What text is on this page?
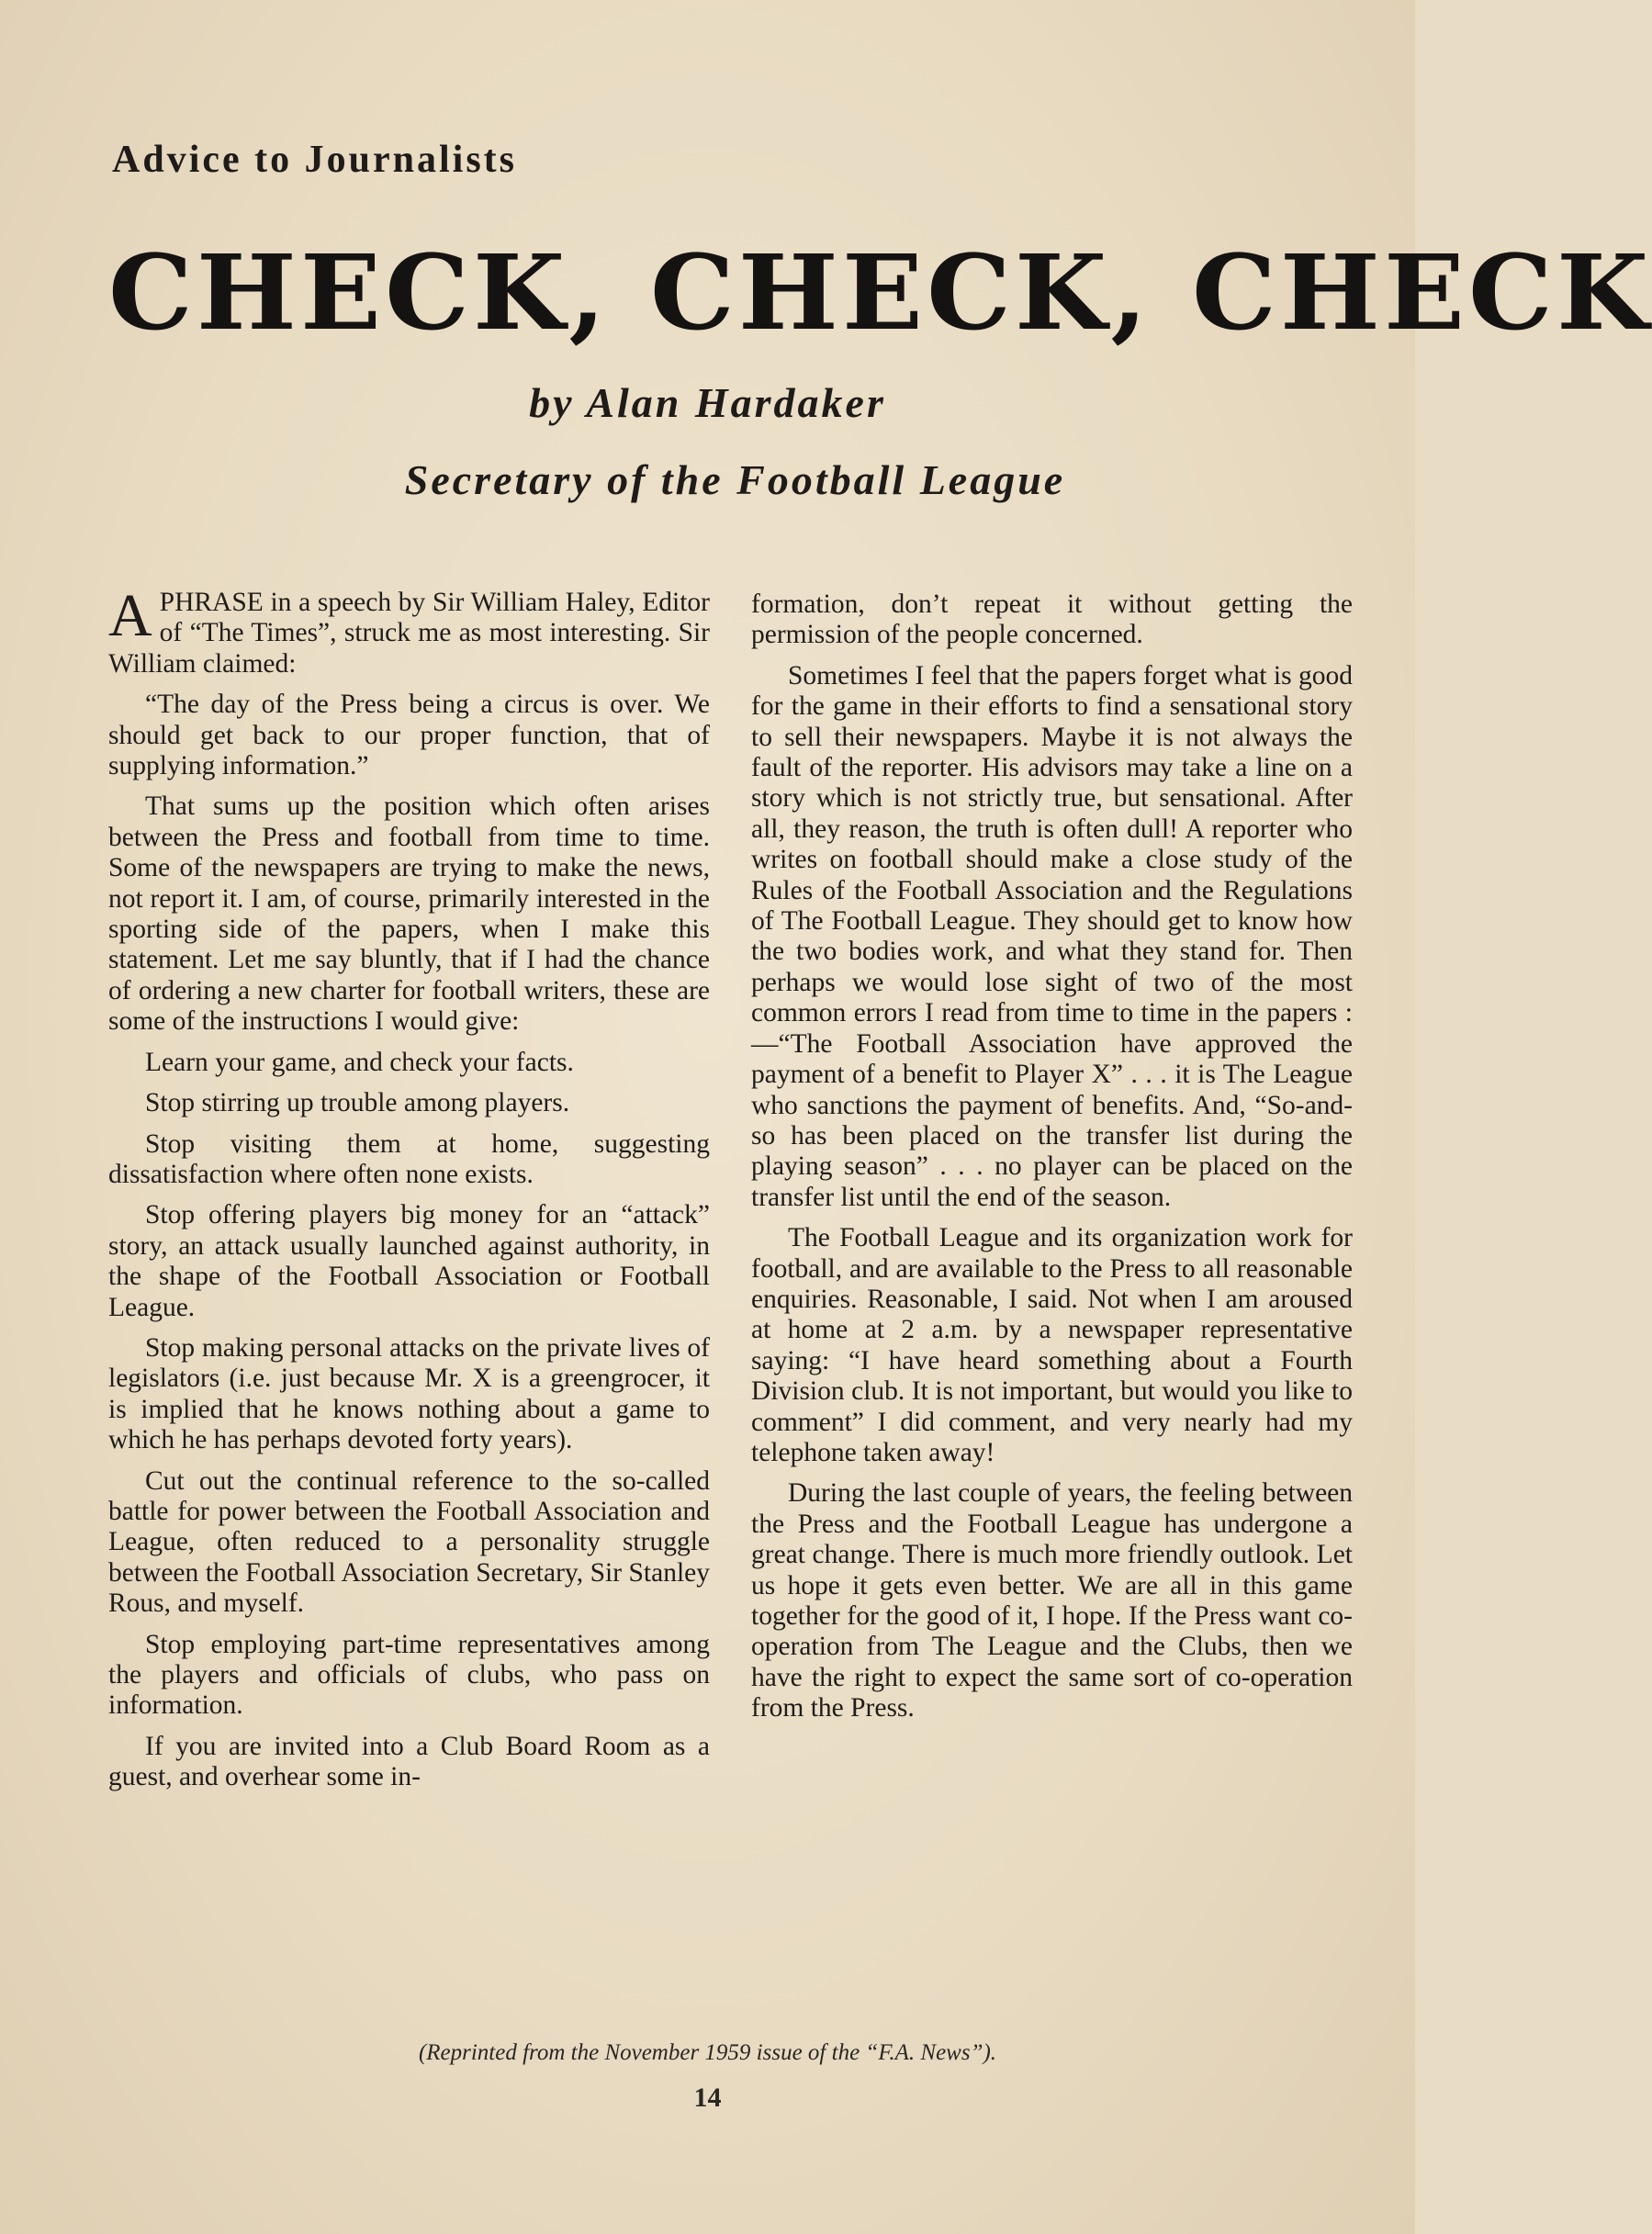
Advice to Journalists
CHECK, CHECK, CHECK
by Alan Hardaker
Secretary of the Football League

APHRASE in a speech by Sir William Haley, Editor of “The Times”, struck me as most interesting. Sir William claimed:

“The day of the Press being a circus is over. We should get back to our proper function, that of supplying information.”

That sums up the position which often arises between the Press and football from time to time. Some of the newspapers are trying to make the news, not report it. I am, of course, primarily interested in the sporting side of the papers, when I make this statement. Let me say bluntly, that if I had the chance of ordering a new charter for football writers, these are some of the instructions I would give:

Learn your game, and check your facts.

Stop stirring up trouble among players.

Stop visiting them at home, suggesting dissatisfaction where often none exists.

Stop offering players big money for an “attack” story, an attack usually launched against authority, in the shape of the Football Association or Football League.

Stop making personal attacks on the private lives of legislators (i.e. just because Mr. X is a greengrocer, it is implied that he knows nothing about a game to which he has perhaps devoted forty years).

Cut out the continual reference to the so-called battle for power between the Football Association and League, often reduced to a personality struggle between the Football Association Secretary, Sir Stanley Rous, and myself.

Stop employing part-time representatives among the players and officials of clubs, who pass on information.

If you are invited into a Club Board Room as a guest, and overhear some in-

formation, don’t repeat it without getting the permission of the people concerned.

Sometimes I feel that the papers forget what is good for the game in their efforts to find a sensational story to sell their newspapers. Maybe it is not always the fault of the reporter. His advisors may take a line on a story which is not strictly true, but sensational. After all, they reason, the truth is often dull! A reporter who writes on football should make a close study of the Rules of the Football Association and the Regulations of The Football League. They should get to know how the two bodies work, and what they stand for. Then perhaps we would lose sight of two of the most common errors I read from time to time in the papers :—“The Football Association have approved the payment of a benefit to Player X” . . . it is The League who sanctions the payment of benefits. And, “So-and-so has been placed on the transfer list during the playing season” . . . no player can be placed on the transfer list until the end of the season.

The Football League and its organization work for football, and are available to the Press to all reasonable enquiries. Reasonable, I said. Not when I am aroused at home at 2 a.m. by a newspaper representative saying: “I have heard something about a Fourth Division club. It is not important, but would you like to comment” I did comment, and very nearly had my telephone taken away!

During the last couple of years, the feeling between the Press and the Football League has undergone a great change. There is much more friendly outlook. Let us hope it gets even better. We are all in this game together for the good of it, I hope. If the Press want co-operation from The League and the Clubs, then we have the right to expect the same sort of co-operation from the Press.

(Reprinted from the November 1959 issue of the “F.A. News”).
14
